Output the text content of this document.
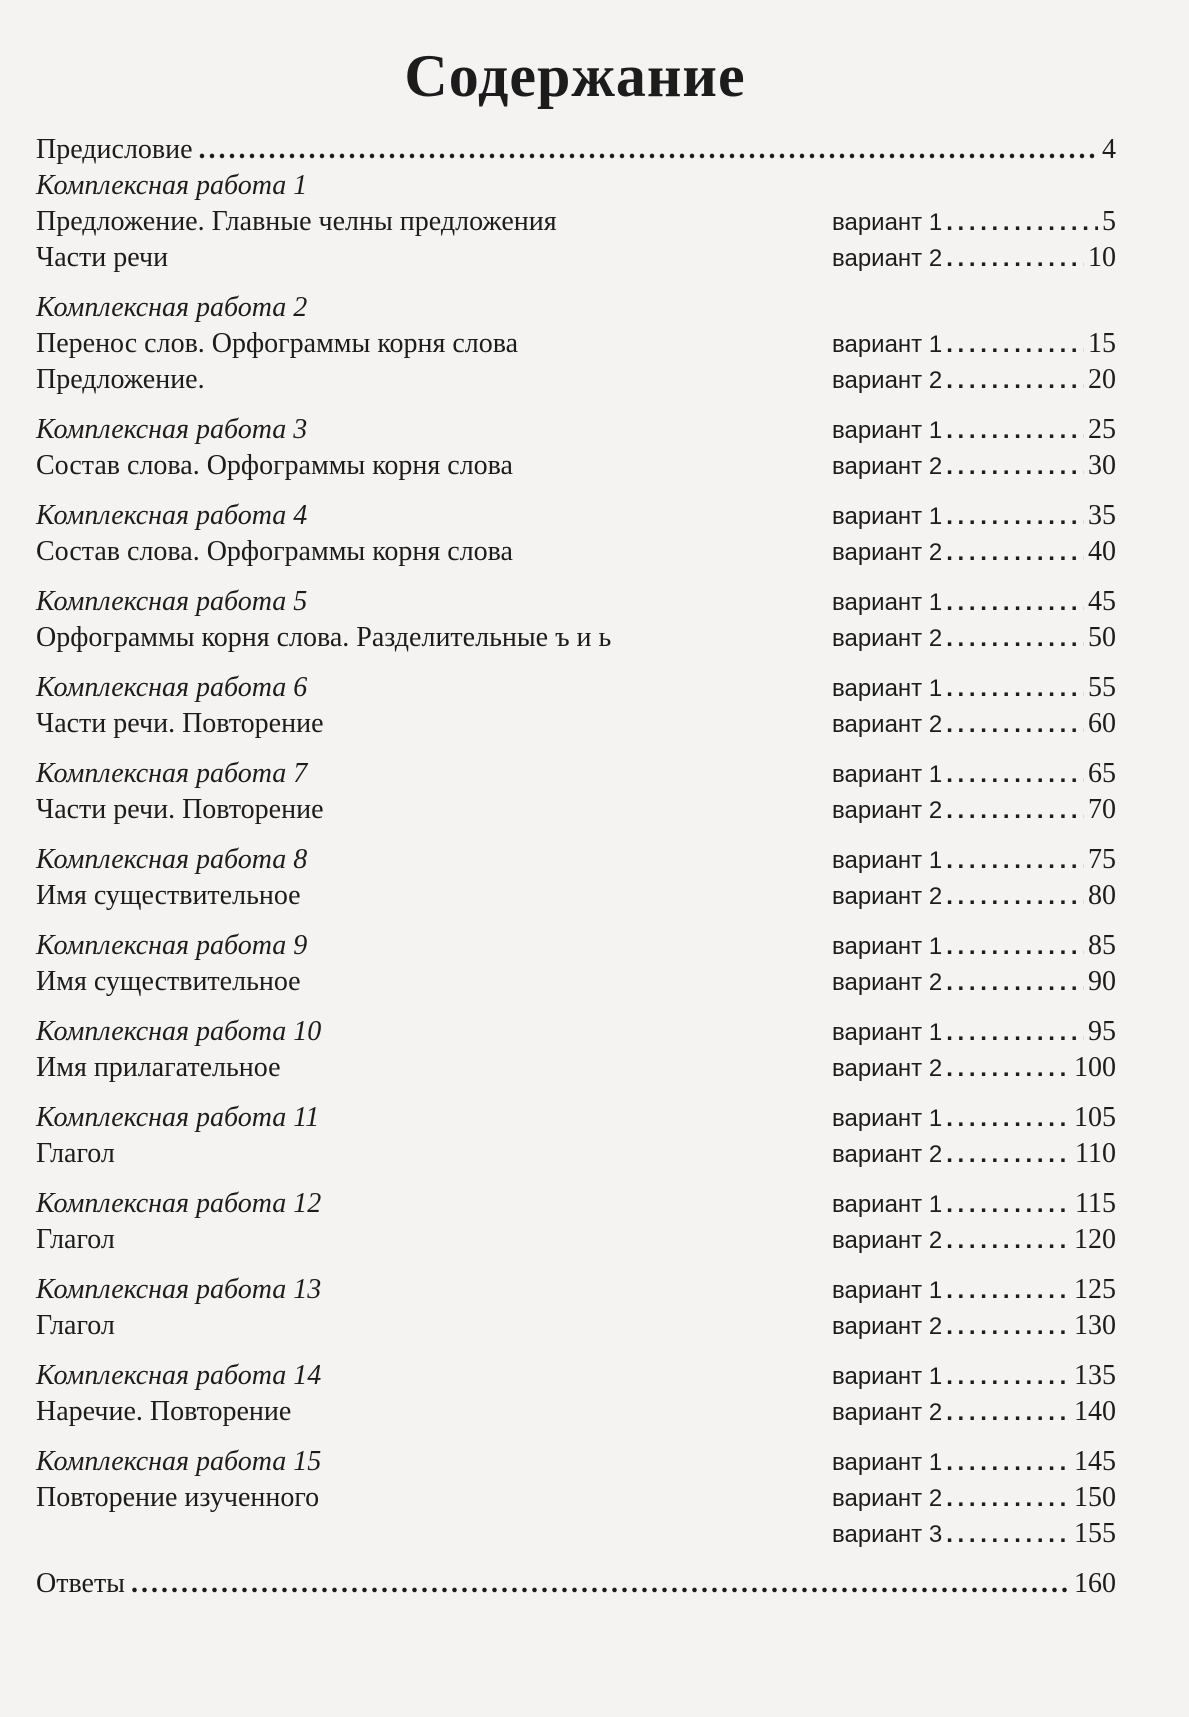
Содержание
Предисловие . . .	4
Комплексная работа 1
Предложение. Главные челны предложения	вариант 1 . . .	5
Части речи	вариант 2 . . .	10
Комплексная работа 2
Перенос слов. Орфограммы корня слова	вариант 1 . . .	15
Предложение.	вариант 2 . . .	20
Комплексная работа 3	вариант 1 . . .	25
Состав слова. Орфограммы корня слова	вариант 2 . . .	30
Комплексная работа 4	вариант 1 . . .	35
Состав слова. Орфограммы корня слова	вариант 2 . . .	40
Комплексная работа 5	вариант 1 . . .	45
Орфограммы корня слова. Разделительные ъ и ь	вариант 2 . . .	50
Комплексная работа 6	вариант 1 . . .	55
Части речи. Повторение	вариант 2 . . .	60
Комплексная работа 7	вариант 1 . . .	65
Части речи. Повторение	вариант 2 . . .	70
Комплексная работа 8	вариант 1 . . .	75
Имя существительное	вариант 2 . . .	80
Комплексная работа 9	вариант 1 . . .	85
Имя существительное	вариант 2 . . .	90
Комплексная работа 10	вариант 1 . . .	95
Имя прилагательное	вариант 2 . . .	100
Комплексная работа 11	вариант 1 . . .	105
Глагол	вариант 2 . . .	110
Комплексная работа 12	вариант 1 . . .	115
Глагол	вариант 2 . . .	120
Комплексная работа 13	вариант 1 . . .	125
Глагол	вариант 2 . . .	130
Комплексная работа 14	вариант 1 . . .	135
Наречие. Повторение	вариант 2 . . .	140
Комплексная работа 15	вариант 1 . . .	145
Повторение изученного	вариант 2 . . .	150
вариант 3 . . .	155
Ответы . . .	160
